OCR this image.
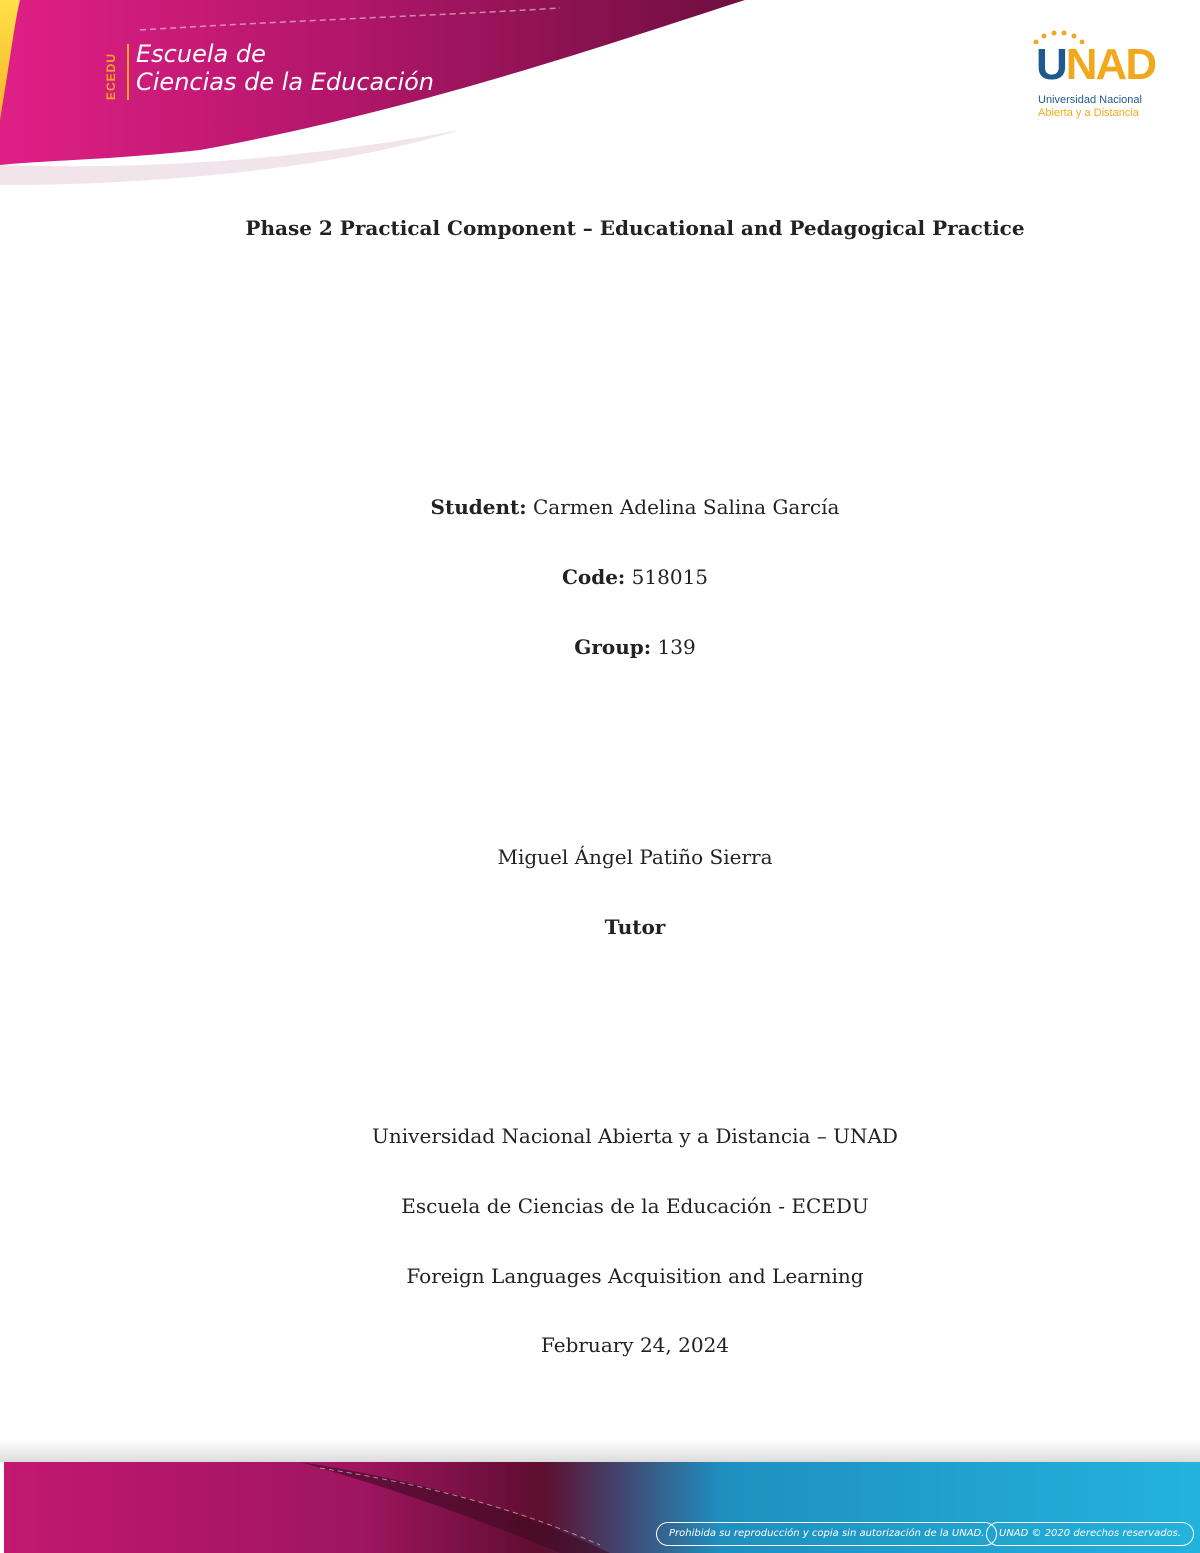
ECEDU Escuela de
Ciencias de la Educación	UNAD
Universidad Nacional
Abierta y a Distancia
Phase 2 Practical Component – Educational and Pedagogical Practice
Student: Carmen Adelina Salina García
Code: 518015
Group: 139
Miguel Ángel Patiño Sierra
Tutor
Universidad Nacional Abierta y a Distancia – UNAD
Escuela de Ciencias de la Educación - ECEDU
Foreign Languages Acquisition and Learning
February 24, 2024
Prohibida su reproducción y copia sin autorización de la UNAD.	UNAD © 2020 derechos reservados.
